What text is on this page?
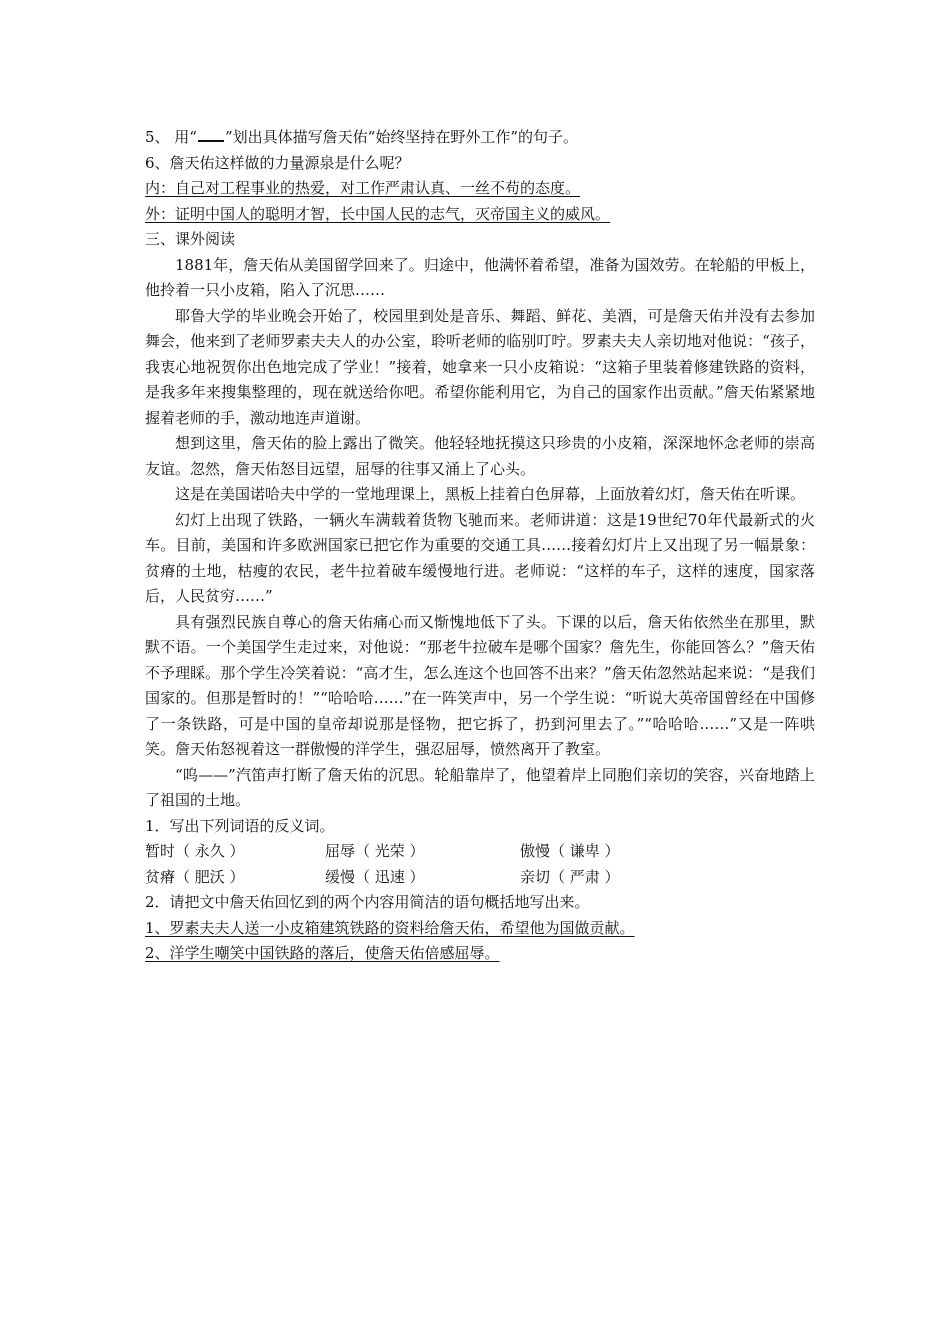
5、 用“ ”划出具体描写詹天佑“始终坚持在野外工作”的句子。
6、詹天佑这样做的力量源泉是什么呢？
内：自己对工程事业的热爱，对工作严肃认真、一丝不苟的态度。
外：证明中国人的聪明才智，长中国人民的志气，灭帝国主义的威风。
三、课外阅读
1881年，詹天佑从美国留学回来了。归途中，他满怀着希望，准备为国效劳。在轮船的甲板上，他拎着一只小皮箱，陷入了沉思……
耶鲁大学的毕业晚会开始了，校园里到处是音乐、舞蹈、鲜花、美酒，可是詹天佑并没有去参加舞会，他来到了老师罗素夫夫人的办公室，聆听老师的临别叮咛。罗素夫夫人亲切地对他说：“孩子，我衷心地祝贺你出色地完成了学业！”接着，她拿来一只小皮箱说：“这箱子里装着修建铁路的资料，是我多年来搜集整理的，现在就送给你吧。希望你能利用它，为自己的国家作出贡献。”詹天佑紧紧地握着老师的手，激动地连声道谢。
想到这里，詹天佑的脸上露出了微笑。他轻轻地抚摸这只珍贵的小皮箱，深深地怀念老师的崇高友谊。忽然，詹天佑怒目远望，屈辱的往事又涌上了心头。
这是在美国诺哈夫中学的一堂地理课上，黑板上挂着白色屏幕，上面放着幻灯，詹天佑在听课。
幻灯上出现了铁路，一辆火车满载着货物飞驰而来。老师讲道：这是19世纪70年代最新式的火车。目前，美国和许多欧洲国家已把它作为重要的交通工具……接着幻灯片上又出现了另一幅景象：贫瘠的土地，枯瘦的农民，老牛拉着破车缓慢地行进。老师说：“这样的车子，这样的速度，国家落后，人民贫穷……”
具有强烈民族自尊心的詹天佑痛心而又惭愧地低下了头。下课的以后，詹天佑依然坐在那里，默默不语。一个美国学生走过来，对他说：“那老牛拉破车是哪个国家？詹先生，你能回答么？”詹天佑不予理睬。那个学生冷笑着说：“高才生，怎么连这个也回答不出来？”詹天佑忽然站起来说：“是我们国家的。但那是暂时的！”“哈哈哈……”在一阵笑声中，另一个学生说：“听说大英帝国曾经在中国修了一条铁路，可是中国的皇帝却说那是怪物，把它拆了，扔到河里去了。”“哈哈哈……”又是一阵哄笑。詹天佑怒视着这一群傲慢的洋学生，强忍屈辱，愤然离开了教室。
“呜——”汽笛声打断了詹天佑的沉思。轮船靠岸了，他望着岸上同胞们亲切的笑容，兴奋地踏上了祖国的土地。
1．写出下列词语的反义词。
暂时（ 永久 ）	屈辱（ 光荣 ）	傲慢（ 谦卑 ）
贫瘠（ 肥沃 ）	缓慢（ 迅速 ）	亲切（ 严肃 ）
2．请把文中詹天佑回忆到的两个内容用简洁的语句概括地写出来。
1、罗素夫夫人送一小皮箱建筑铁路的资料给詹天佑，希望他为国做贡献。
2、洋学生嘲笑中国铁路的落后，使詹天佑倍感屈辱。
